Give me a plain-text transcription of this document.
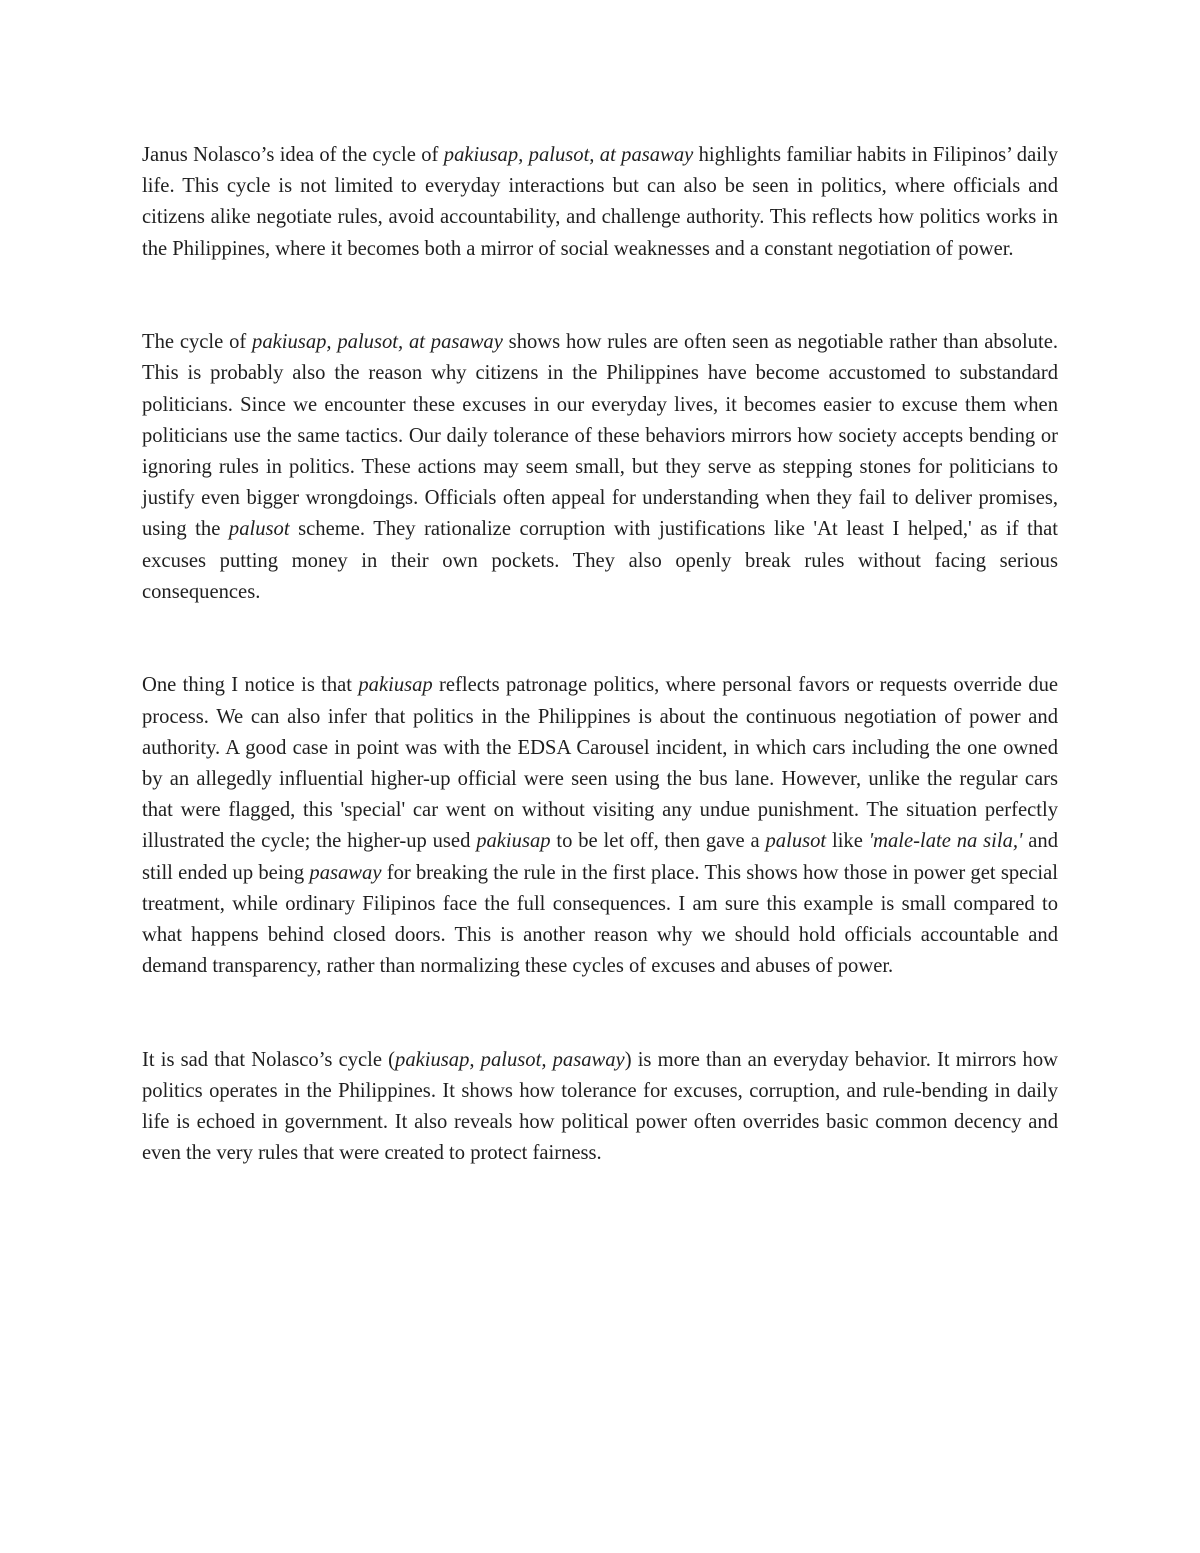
Janus Nolasco’s idea of the cycle of pakiusap, palusot, at pasaway highlights familiar habits in Filipinos’ daily life. This cycle is not limited to everyday interactions but can also be seen in politics, where officials and citizens alike negotiate rules, avoid accountability, and challenge authority. This reflects how politics works in the Philippines, where it becomes both a mirror of social weaknesses and a constant negotiation of power.

The cycle of pakiusap, palusot, at pasaway shows how rules are often seen as negotiable rather than absolute. This is probably also the reason why citizens in the Philippines have become accustomed to substandard politicians. Since we encounter these excuses in our everyday lives, it becomes easier to excuse them when politicians use the same tactics. Our daily tolerance of these behaviors mirrors how society accepts bending or ignoring rules in politics. These actions may seem small, but they serve as stepping stones for politicians to justify even bigger wrongdoings. Officials often appeal for understanding when they fail to deliver promises, using the palusot scheme. They rationalize corruption with justifications like 'At least I helped,' as if that excuses putting money in their own pockets. They also openly break rules without facing serious consequences.

One thing I notice is that pakiusap reflects patronage politics, where personal favors or requests override due process. We can also infer that politics in the Philippines is about the continuous negotiation of power and authority. A good case in point was with the EDSA Carousel incident, in which cars including the one owned by an allegedly influential higher-up official were seen using the bus lane. However, unlike the regular cars that were flagged, this 'special' car went on without visiting any undue punishment. The situation perfectly illustrated the cycle; the higher-up used pakiusap to be let off, then gave a palusot like 'male-late na sila,' and still ended up being pasaway for breaking the rule in the first place. This shows how those in power get special treatment, while ordinary Filipinos face the full consequences. I am sure this example is small compared to what happens behind closed doors. This is another reason why we should hold officials accountable and demand transparency, rather than normalizing these cycles of excuses and abuses of power.

It is sad that Nolasco’s cycle (pakiusap, palusot, pasaway) is more than an everyday behavior. It mirrors how politics operates in the Philippines. It shows how tolerance for excuses, corruption, and rule-bending in daily life is echoed in government. It also reveals how political power often overrides basic common decency and even the very rules that were created to protect fairness.
